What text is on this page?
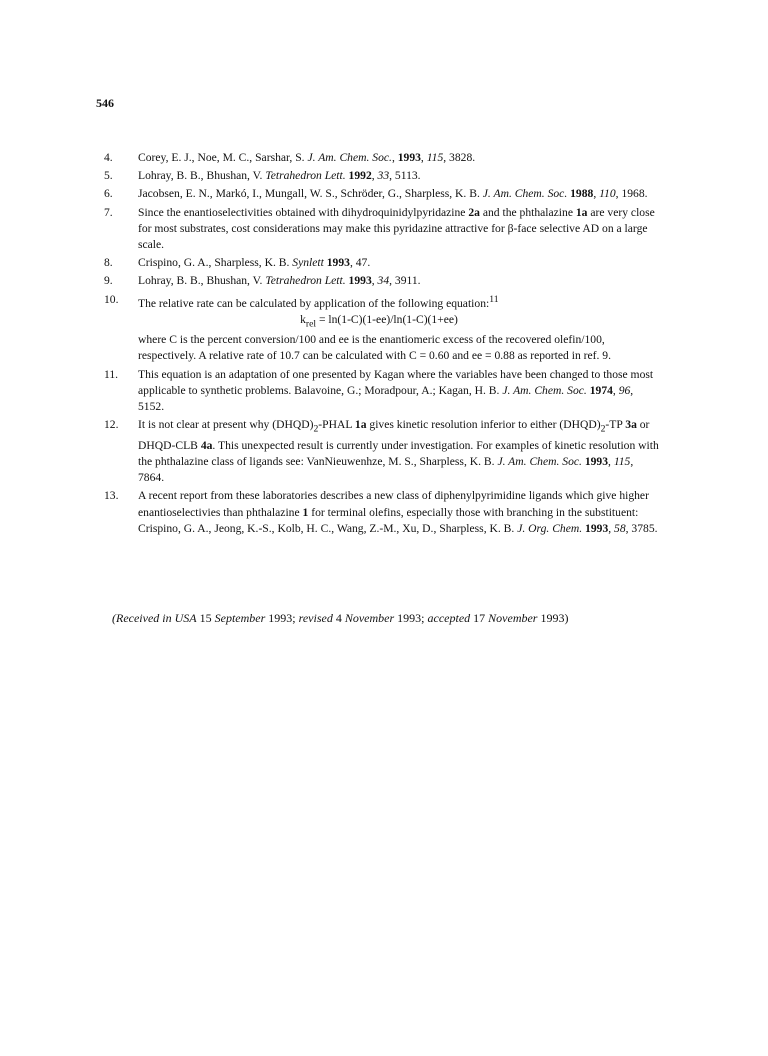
546
4.	Corey, E. J., Noe, M. C., Sarshar, S. J. Am. Chem. Soc., 1993, 115, 3828.
5.	Lohray, B. B., Bhushan, V. Tetrahedron Lett. 1992, 33, 5113.
6.	Jacobsen, E. N., Markó, I., Mungall, W. S., Schröder, G., Sharpless, K. B. J. Am. Chem. Soc. 1988, 110, 1968.
7.	Since the enantioselectivities obtained with dihydroquinidylpyridazine 2a and the phthalazine 1a are very close for most substrates, cost considerations may make this pyridazine attractive for β-face selective AD on a large scale.
8.	Crispino, G. A., Sharpless, K. B. Synlett 1993, 47.
9.	Lohray, B. B., Bhushan, V. Tetrahedron Lett. 1993, 34, 3911.
10.	The relative rate can be calculated by application of the following equation:$^{11}$
$k_{rel} = \ln(1-C)(1-ee)/\ln(1-C)(1+ee)$
where C is the percent conversion/100 and ee is the enantiomeric excess of the recovered olefin/100, respectively. A relative rate of 10.7 can be calculated with C = 0.60 and ee = 0.88 as reported in ref. 9.
11.	This equation is an adaptation of one presented by Kagan where the variables have been changed to those most applicable to synthetic problems. Balavoine, G.; Moradpour, A.; Kagan, H. B. J. Am. Chem. Soc. 1974, 96, 5152.
12.	It is not clear at present why $(DHQD)_2$-PHAL 1a gives kinetic resolution inferior to either $(DHQD)_2-TP$ 3a or DHQD-CLB 4a. This unexpected result is currently under investigation. For examples of kinetic resolution with the phthalazine class of ligands see: VanNieuwenhze, M. S., Sharpless, K. B. J. Am. Chem. Soc. 1993, 115, 7864.
13.	A recent report from these laboratories describes a new class of diphenylpyrimidine ligands which give higher enantioselectivies than phthalazine 1 for terminal olefins, especially those with branching in the substituent: Crispino, G. A., Jeong, K.-S., Kolb, H. C., Wang, Z.-M., Xu, D., Sharpless, K. B. J. Org. Chem. 1993, 58, 3785.
(Received in USA 15 September 1993; revised 4 November 1993; accepted 17 November 1993)
